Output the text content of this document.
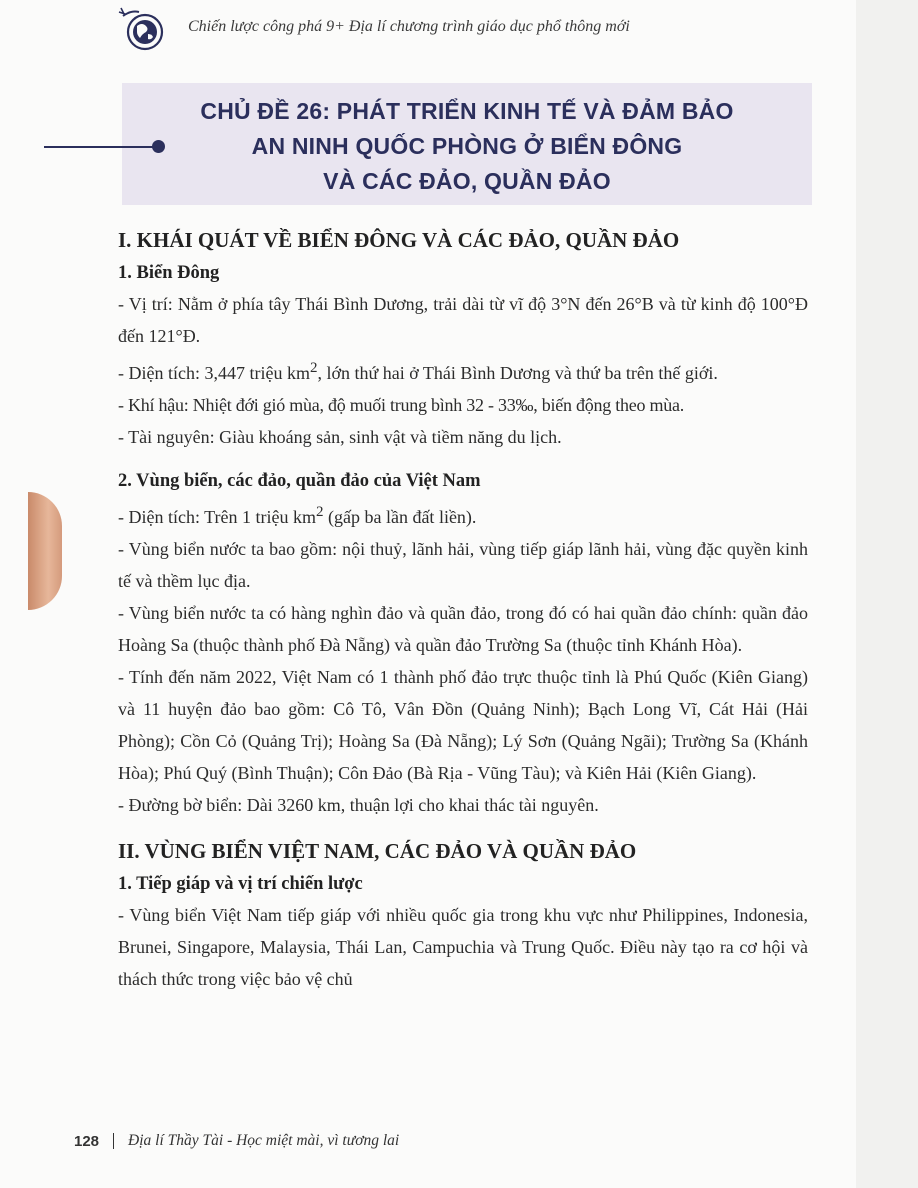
Chiến lược công phá 9+ Địa lí chương trình giáo dục phổ thông mới
CHỦ ĐỀ 26: PHÁT TRIỂN KINH TẾ VÀ ĐẢM BẢO
AN NINH QUỐC PHÒNG Ở BIỂN ĐÔNG
VÀ CÁC ĐẢO, QUẦN ĐẢO
I. KHÁI QUÁT VỀ BIỂN ĐÔNG VÀ CÁC ĐẢO, QUẦN ĐẢO
1. Biển Đông

- Vị trí: Nằm ở phía tây Thái Bình Dương, trải dài từ vĩ độ 3°N đến 26°B và từ kinh độ 100°Đ đến 121°Đ.

- Diện tích: 3,447 triệu $km^2$, lớn thứ hai ở Thái Bình Dương và thứ ba trên thế giới.

- Khí hậu: Nhiệt đới gió mùa, độ muối trung bình 32 - 33‰, biến động theo mùa.

- Tài nguyên: Giàu khoáng sản, sinh vật và tiềm năng du lịch.

2. Vùng biển, các đảo, quần đảo của Việt Nam

- Diện tích: Trên 1 triệu $km^2$ (gấp ba lần đất liền).

- Vùng biển nước ta bao gồm: nội thuỷ, lãnh hải, vùng tiếp giáp lãnh hải, vùng đặc quyền kinh tế và thềm lục địa.

- Vùng biển nước ta có hàng nghìn đảo và quần đảo, trong đó có hai quần đảo chính: quần đảo Hoàng Sa (thuộc thành phố Đà Nẵng) và quần đảo Trường Sa (thuộc tỉnh Khánh Hòa).

- Tính đến năm 2022, Việt Nam có 1 thành phố đảo trực thuộc tỉnh là Phú Quốc (Kiên Giang) và 11 huyện đảo bao gồm: Cô Tô, Vân Đồn (Quảng Ninh); Bạch Long Vĩ, Cát Hải (Hải Phòng); Cồn Cỏ (Quảng Trị); Hoàng Sa (Đà Nẵng); Lý Sơn (Quảng Ngãi); Trường Sa (Khánh Hòa); Phú Quý (Bình Thuận); Côn Đảo (Bà Rịa - Vũng Tàu); và Kiên Hải (Kiên Giang).

- Đường bờ biển: Dài 3260 km, thuận lợi cho khai thác tài nguyên.

II. VÙNG BIỂN VIỆT NAM, CÁC ĐẢO VÀ QUẦN ĐẢO
1. Tiếp giáp và vị trí chiến lược

- Vùng biển Việt Nam tiếp giáp với nhiều quốc gia trong khu vực như Philippines, Indonesia, Brunei, Singapore, Malaysia, Thái Lan, Campuchia và Trung Quốc. Điều này tạo ra cơ hội và thách thức trong việc bảo vệ chủ

128 Địa lí Thầy Tài - Học miệt mài, vì tương lai
